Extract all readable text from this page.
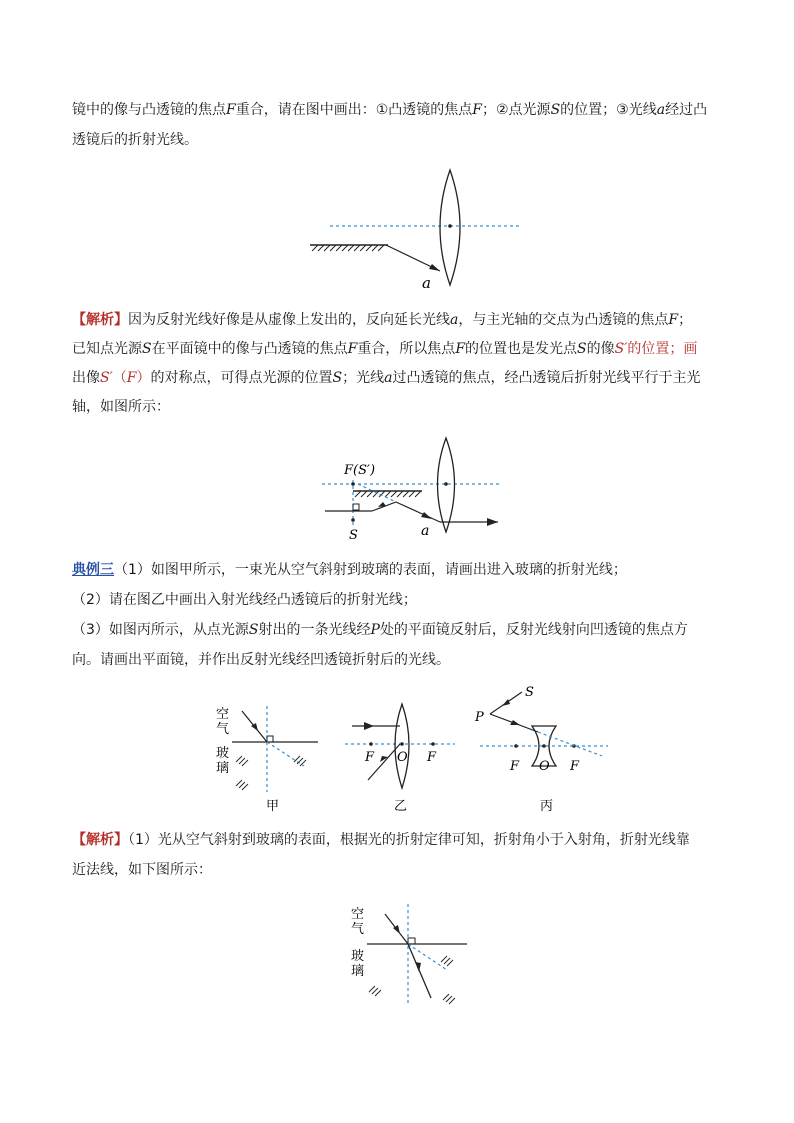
镜中的像与凸透镜的焦点F重合，请在图中画出：①凸透镜的焦点F；②点光源S的位置；③光线a经过凸
透镜后的折射光线。
a
【解析】因为反射光线好像是从虚像上发出的，反向延长光线a，与主光轴的交点为凸透镜的焦点F；
已知点光源S在平面镜中的像与凸透镜的焦点F重合，所以焦点F的位置也是发光点S的像S′的位置；画
出像S′（F）的对称点，可得点光源的位置S；光线a过凸透镜的焦点，经凸透镜后折射光线平行于主光
轴，如图所示：
F(S′)
S	a
典例三（1）如图甲所示，一束光从空气斜射到玻璃的表面，请画出进入玻璃的折射光线；
（2）请在图乙中画出入射光线经凸透镜后的折射光线；
（3）如图丙所示，从点光源S射出的一条光线经P处的平面镜反射后，反射光线射向凹透镜的焦点方
向。请画出平面镜，并作出反射光线经凹透镜折射后的光线。
空
气
玻
璃
甲
F O F
乙
S
P
F O F
丙
【解析】（1）光从空气斜射到玻璃的表面，根据光的折射定律可知，折射角小于入射角，折射光线靠
近法线，如下图所示：
空
气
玻
璃
